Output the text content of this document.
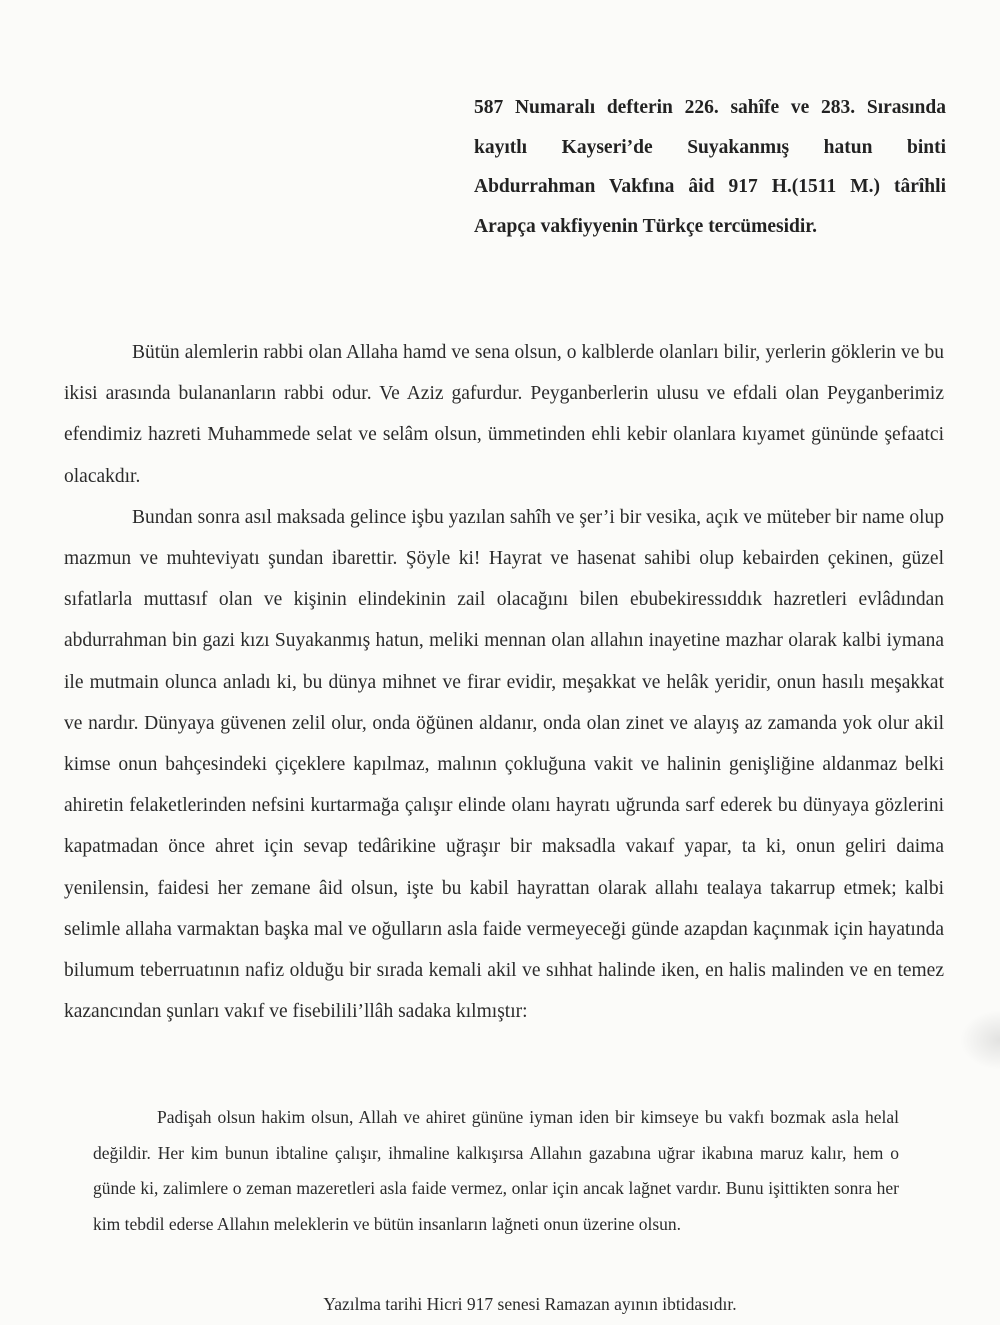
587 Numaralı defterin 226. sahîfe ve 283. Sırasında kayıtlı Kayseri’de Suyakanmış hatun binti Abdurrahman Vakfına âid 917 H.(1511 M.) târîhli Arapça vakfiyyenin Türkçe tercümesidir.

Bütün alemlerin rabbi olan Allaha hamd ve sena olsun, o kalblerde olanları bilir, yerlerin göklerin ve bu ikisi arasında bulananların rabbi odur. Ve Aziz gafurdur. Peyganberlerin ulusu ve efdali olan Peyganberimiz efendimiz hazreti Muhammede selat ve selâm olsun, ümmetinden ehli kebir olanlara kıyamet gününde şefaatci olacakdır.

Bundan sonra asıl maksada gelince işbu yazılan sahîh ve şer’i bir vesika, açık ve müteber bir name olup mazmun ve muhteviyatı şundan ibarettir. Şöyle ki! Hayrat ve hasenat sahibi olup kebairden çekinen, güzel sıfatlarla muttasıf olan ve kişinin elindekinin zail olacağını bilen ebubekiressıddık hazretleri evlâdından abdurrahman bin gazi kızı Suyakanmış hatun, meliki mennan olan allahın inayetine mazhar olarak kalbi iymana ile mutmain olunca anladı ki, bu dünya mihnet ve firar evidir, meşakkat ve helâk yeridir, onun hasılı meşakkat ve nardır. Dünyaya güvenen zelil olur, onda öğünen aldanır, onda olan zinet ve alayış az zamanda yok olur akil kimse onun bahçesindeki çiçeklere kapılmaz, malının çokluğuna vakit ve halinin genişliğine aldanmaz belki ahiretin felaketlerinden nefsini kurtarmağa çalışır elinde olanı hayratı uğrunda sarf ederek bu dünyaya gözlerini kapatmadan önce ahret için sevap tedârikine uğraşır bir maksadla vakaıf yapar, ta ki, onun geliri daima yenilensin, faidesi her zemane âid olsun, işte bu kabil hayrattan olarak allahı tealaya takarrup etmek; kalbi selimle allaha varmaktan başka mal ve oğulların asla faide vermeyeceği günde azapdan kaçınmak için hayatında bilumum teberruatının nafiz olduğu bir sırada kemali akil ve sıhhat halinde iken, en halis malinden ve en temez kazancından şunları vakıf ve fisebilili’llâh sadaka kılmıştır:

Padişah olsun hakim olsun, Allah ve ahiret gününe iyman iden bir kimseye bu vakfı bozmak asla helal değildir. Her kim bunun ibtaline çalışır, ihmaline kalkışırsa Allahın gazabına uğrar ikabına maruz kalır, hem o günde ki, zalimlere o zeman mazeretleri asla faide vermez, onlar için ancak lağnet vardır. Bunu işittikten sonra her kim tebdil ederse Allahın meleklerin ve bütün insanların lağneti onun üzerine olsun.

Yazılma tarihi Hicri 917 senesi Ramazan ayının ibtidasıdır.
